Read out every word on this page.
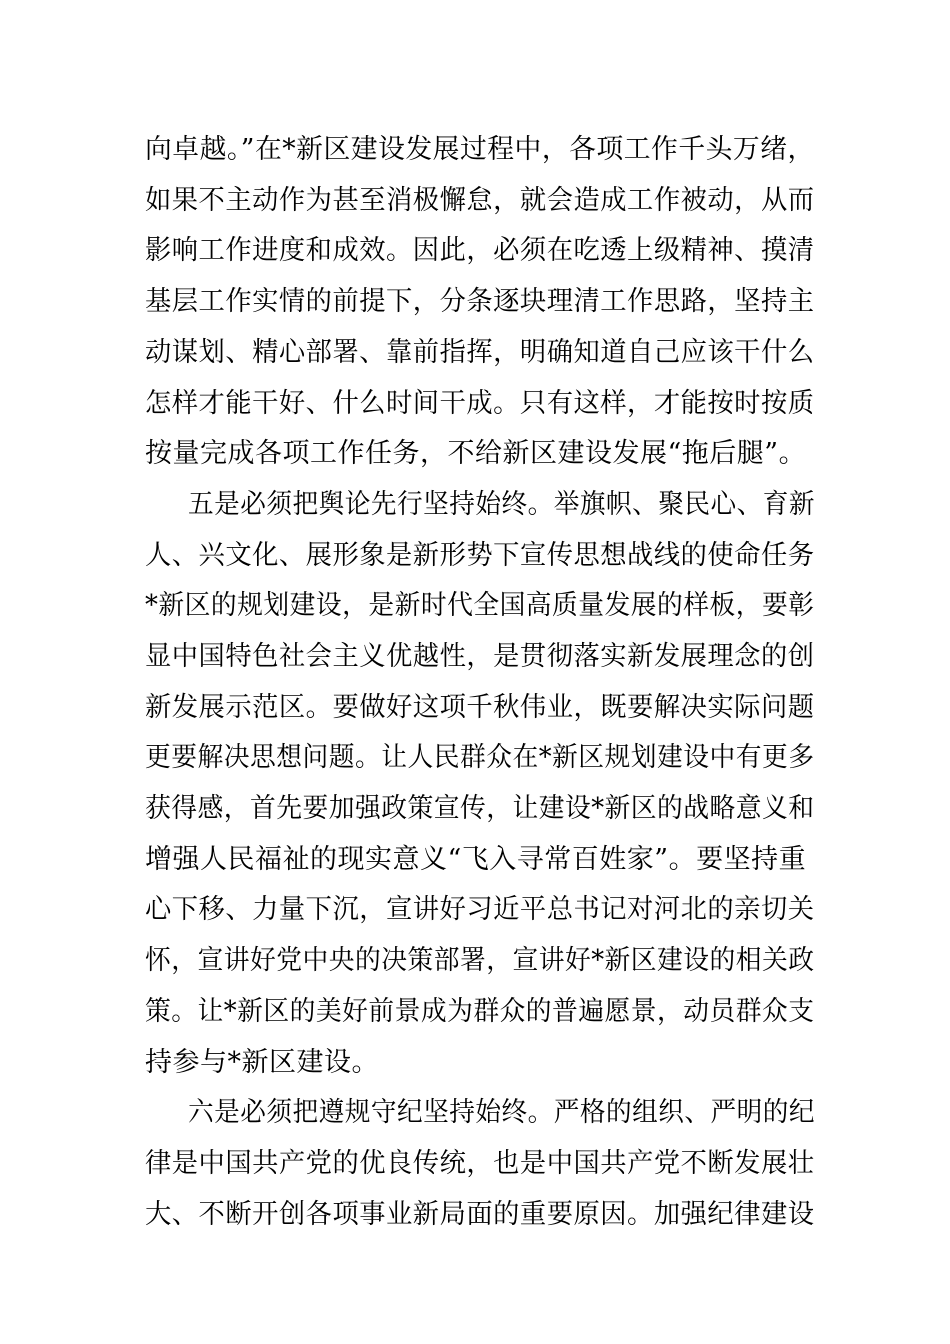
向卓越。”在*新区建设发展过程中，各项工作千头万绪，
如果不主动作为甚至消极懈怠，就会造成工作被动，从而
影响工作进度和成效。因此，必须在吃透上级精神、摸清
基层工作实情的前提下，分条逐块理清工作思路，坚持主
动谋划、精心部署、靠前指挥，明确知道自己应该干什么
怎样才能干好、什么时间干成。只有这样，才能按时按质
按量完成各项工作任务，不给新区建设发展“拖后腿”。
五是必须把舆论先行坚持始终。举旗帜、聚民心、育新
人、兴文化、展形象是新形势下宣传思想战线的使命任务
*新区的规划建设，是新时代全国高质量发展的样板，要彰
显中国特色社会主义优越性，是贯彻落实新发展理念的创
新发展示范区。要做好这项千秋伟业，既要解决实际问题
更要解决思想问题。让人民群众在*新区规划建设中有更多
获得感，首先要加强政策宣传，让建设*新区的战略意义和
增强人民福祉的现实意义“飞入寻常百姓家”。要坚持重
心下移、力量下沉，宣讲好习近平总书记对河北的亲切关
怀，宣讲好党中央的决策部署，宣讲好*新区建设的相关政
策。让*新区的美好前景成为群众的普遍愿景，动员群众支
持参与*新区建设。
六是必须把遵规守纪坚持始终。严格的组织、严明的纪
律是中国共产党的优良传统，也是中国共产党不断发展壮
大、不断开创各项事业新局面的重要原因。加强纪律建设
